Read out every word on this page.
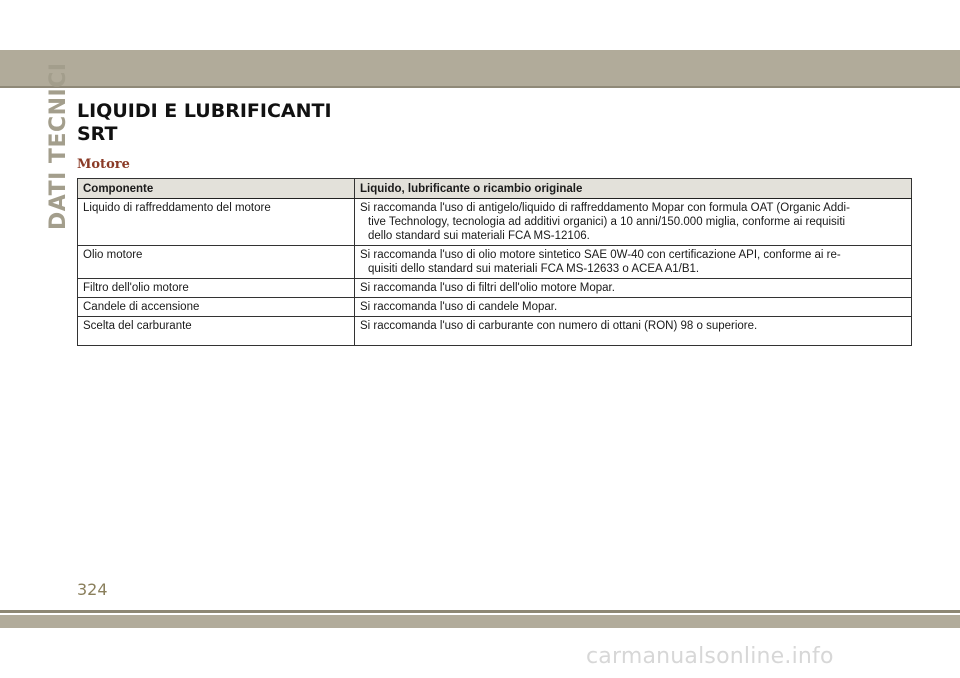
DATI TECNICI LIQUIDI E LUBRIFICANTI
SRT
Motore
Componente	Liquido, lubrificante o ricambio originale
Liquido di raffreddamento del motore	Si raccomanda l'uso di antigelo/liquido di raffreddamento Mopar con formula OAT (Organic Addi-
tive Technology, tecnologia ad additivi organici) a 10 anni/150.000 miglia, conforme ai requisiti
dello standard sui materiali FCA MS-12106.

Olio motore	Si raccomanda l'uso di olio motore sintetico SAE 0W-40 con certificazione API, conforme ai re-
quisiti dello standard sui materiali FCA MS-12633 o ACEA A1/B1.

Filtro dell'olio motore	Si raccomanda l'uso di filtri dell'olio motore Mopar.

Candele di accensione	Si raccomanda l'uso di candele Mopar.

Scelta del carburante	Si raccomanda l'uso di carburante con numero di ottani (RON) 98 o superiore.
324
carmanualsonline.info
